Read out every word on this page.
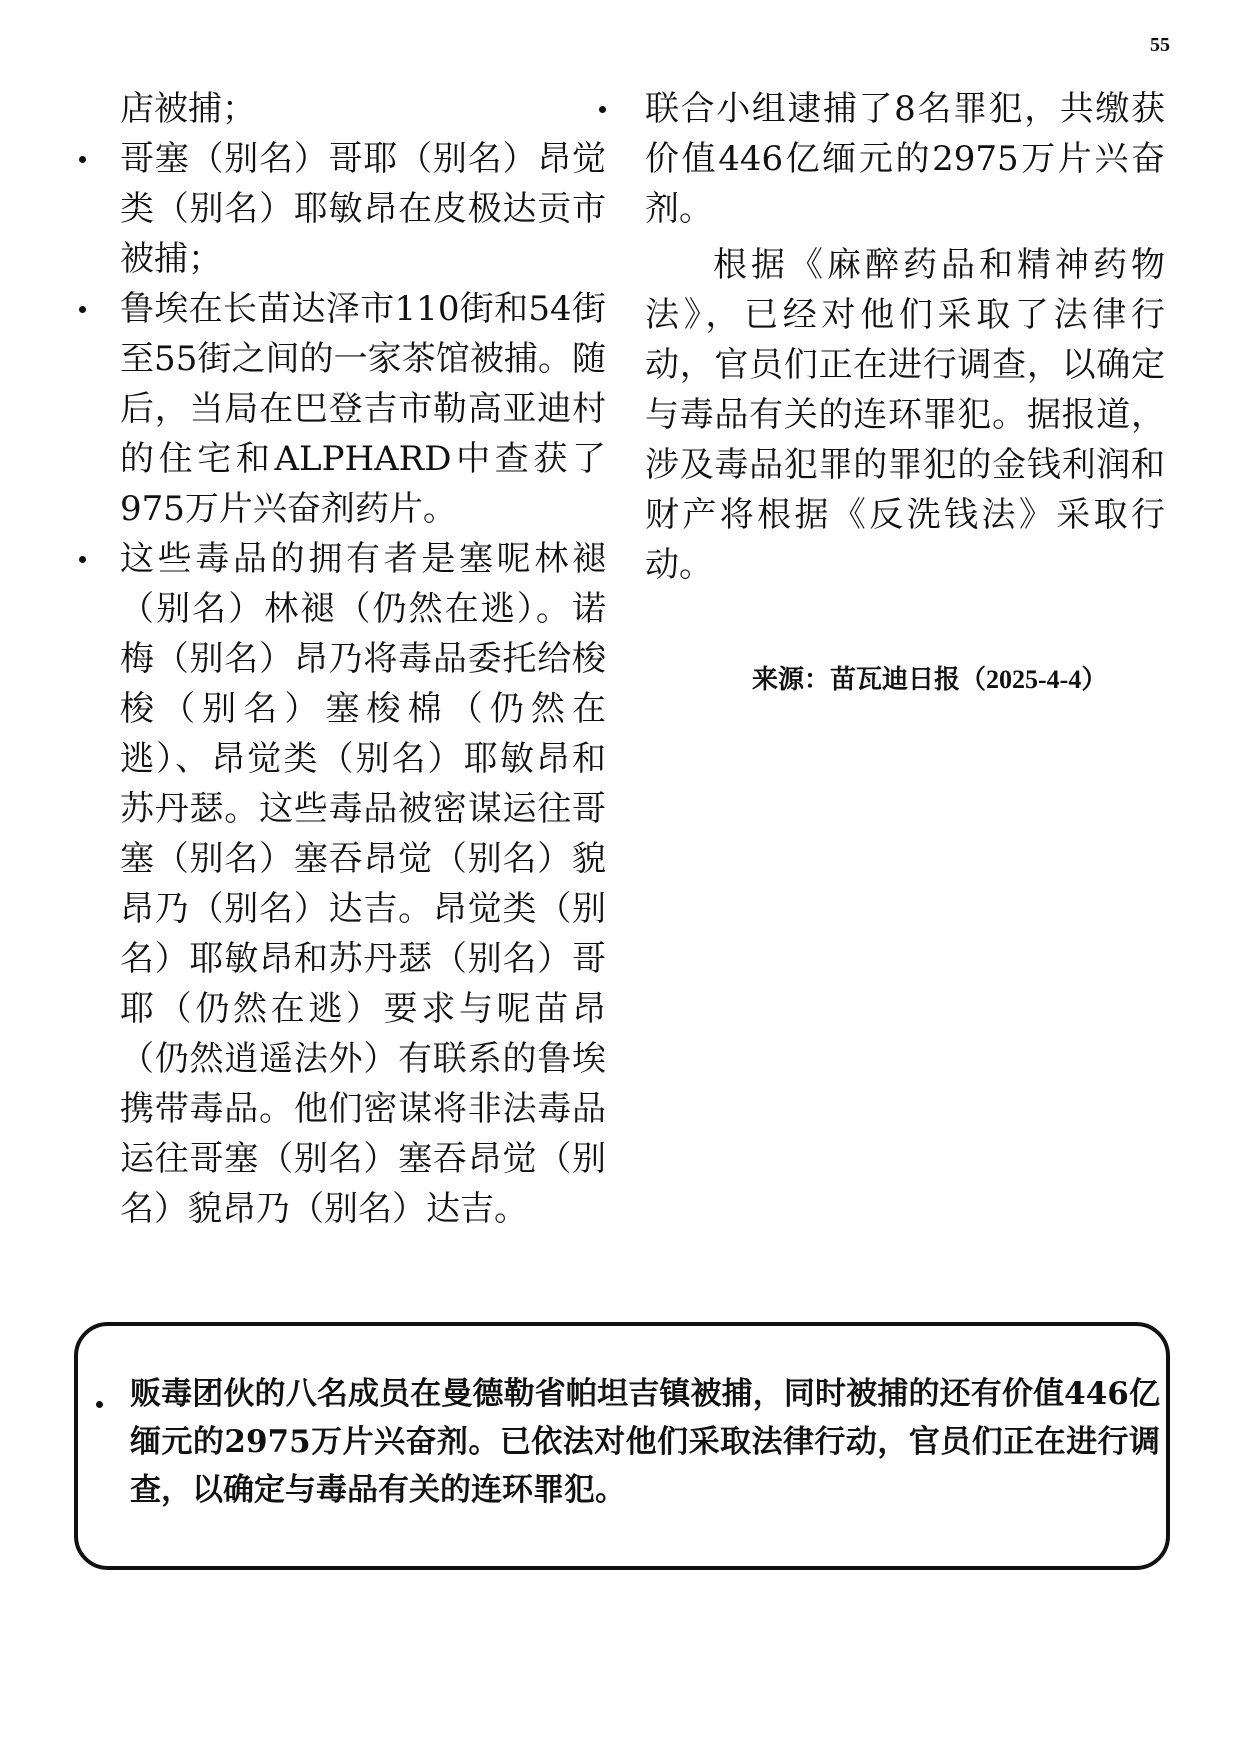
55

店被捕；

哥塞（别名）哥耶（别名）昂觉类（别名）耶敏昂在皮极达贡市被捕；
鲁埃在长苗达泽市110街和54街至55街之间的一家茶馆被捕。随后，当局在巴登吉市勒高亚迪村的住宅和ALPHARD中查获了975万片兴奋剂药片。
这些毒品的拥有者是塞呢林褪（别名）林褪（仍然在逃）。诺梅（别名）昂乃将毒品委托给梭梭（别名）塞梭棉（仍然在逃）、昂觉类（别名）耶敏昂和苏丹瑟。这些毒品被密谋运往哥塞（别名）塞吞昂觉（别名）貌昂乃（别名）达吉。昂觉类（别名）耶敏昂和苏丹瑟（别名）哥耶（仍然在逃）要求与呢苗昂（仍然逍遥法外）有联系的鲁埃携带毒品。他们密谋将非法毒品运往哥塞（别名）塞吞昂觉（别名）貌昂乃（别名）达吉。
联合小组逮捕了8名罪犯，共缴获价值446亿缅元的2975万片兴奋剂。

根据《麻醉药品和精神药物法》，已经对他们采取了法律行动，官员们正在进行调查，以确定与毒品有关的连环罪犯。据报道，涉及毒品犯罪的罪犯的金钱利润和财产将根据《反洗钱法》采取行动。

来源：苗瓦迪日报（2025-4-4）
贩毒团伙的八名成员在曼德勒省帕坦吉镇被捕，同时被捕的还有价值446亿缅元的2975万片兴奋剂。已依法对他们采取法律行动，官员们正在进行调查，以确定与毒品有关的连环罪犯。
